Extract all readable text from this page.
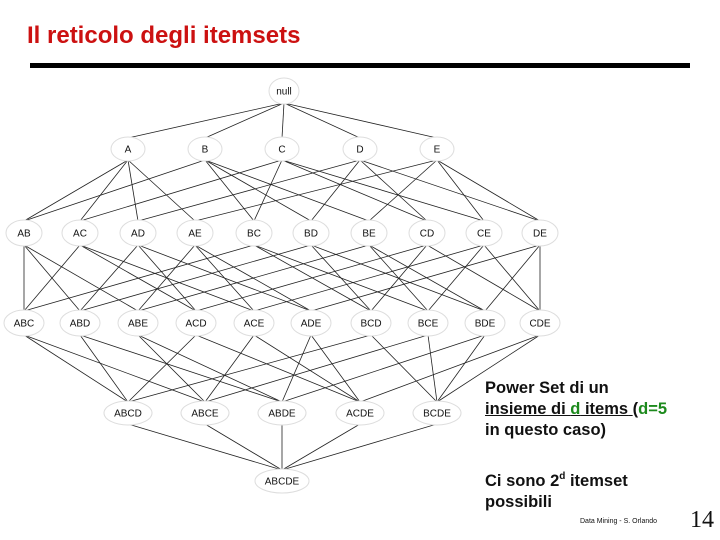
Il reticolo degli itemsets
null
A	B	C	D	E
AB	AC	AD	AE	BC	BD	BE	CD	CE	DE
ABC	ABD	ABE	ACD	ACE	ADE	BCD	BCE	BDE	CDE
ABCD	ABCE	ABDE	ACDE	BCDE
ABCDE
Power Set di un
insieme di d items (d=5
in questo caso)
Ci sono 2$^d$ itemset
possibili
Data Mining - S. Orlando 14
